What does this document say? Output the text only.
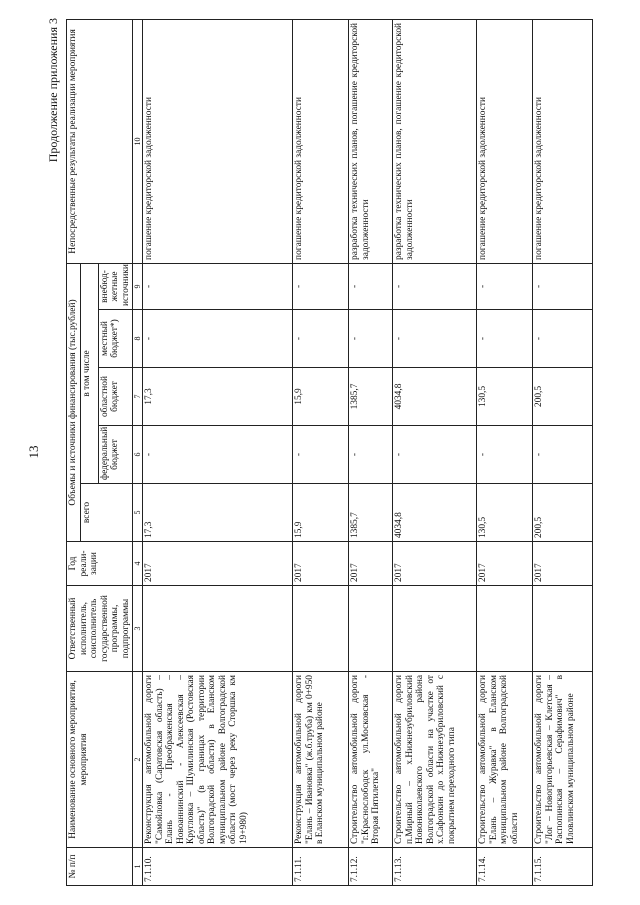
13
Продолжение приложения 3
№ п/п	Наименование основного мероприятия, мероприятия	Ответственный исполнитель, соисполнитель государственной программы, подпрограммы	Год реали-зации	Объемы и источники финансирования (тыс.рублей)					Непосредственные результаты реализации мероприятия
				всего	в том числе				
					федеральный бюджет	областной бюджет	местный бюджет*)	внебюд-жетные источники	
1	2	3	4	5	6	7	8	9	10
7.1.10.	Реконструкция автомобильной дороги "Самойловка (Саратовская область) – Елань - Преображенская – Новоаннинский - Алексеевская – Кругловка – Шумилинская (Ростовская область)" (в границах территории Волгоградской области) в Еланском муниципальном районе Волгоградской области (мост через реку Сторшка км 19+980)		2017	17,3	-	17,3	-	-	погашение кредиторской задолженности
7.1.11.	Реконструкция автомобильной дороги "Елань – Ивановка" (ж.б.труба) км 0+950 в Еланском муниципальном районе		2017	15,9	-	15,9	-	-	погашение кредиторской задолженности
7.1.12.	Строительство автомобильной дороги "г.Краснослободск ул.Московская - Вторая Пятилетка"		2017	1385,7	-	1385,7	-	-	разработка технических планов, погашение кредиторской задолженности
7.1.13.	Строительство автомобильной дороги п.Мирный – х.Нижнезубриловский Новониколаевского района Волгоградской области на участке от х.Сафонкин до х.Нижнезубриловский с покрытием переходного типа		2017	4034,8	-	4034,8	-	-	разработка технических планов, погашение кредиторской задолженности
7.1.14.	Строительство автомобильной дороги "Елань – Журавка" в Еланском муниципальном районе Волгоградской области		2017	130,5	-	130,5	-	-	погашение кредиторской задолженности
7.1.15.	Строительство автомобильной дороги "Лог – Новогригорьевская – Клетская – Распопинская – Серафимович" в Иловлинском муниципальном районе		2017	200,5	-	200,5	-	-	погашение кредиторской задолженности
